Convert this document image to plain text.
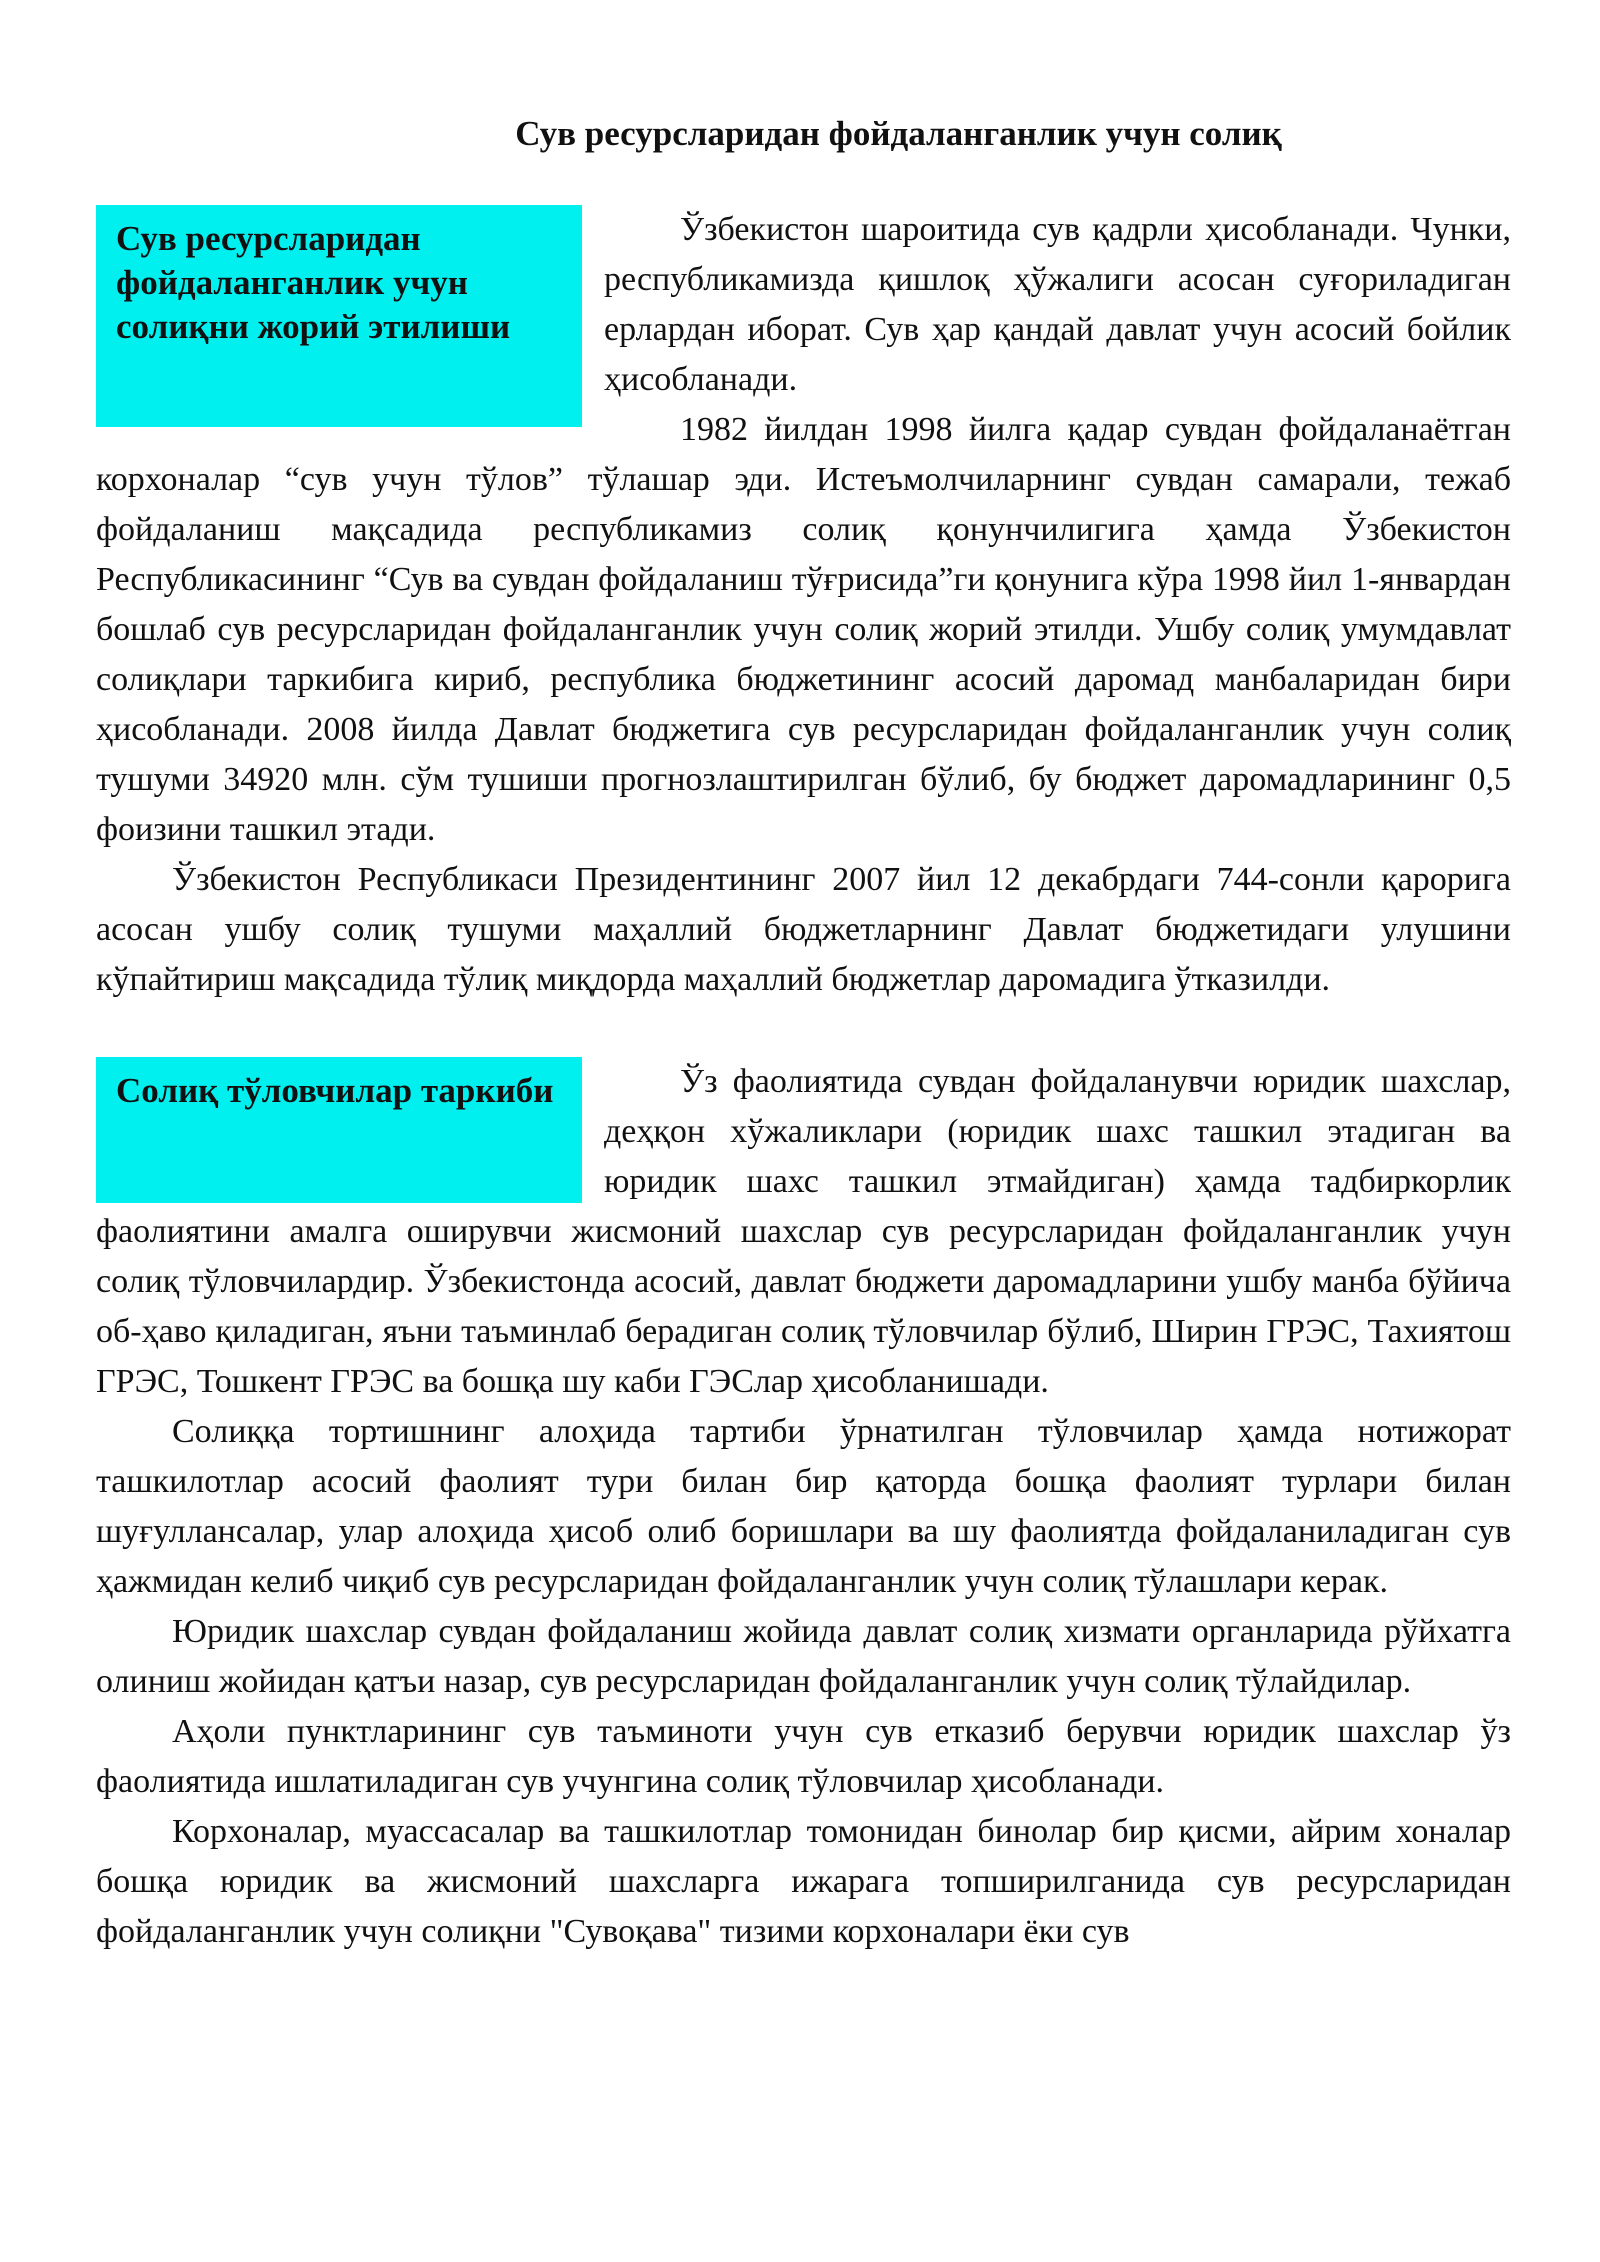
Сув ресурсларидан фойдаланганлик учун солиқ
Сув ресурсларидан фойдаланганлик учун солиқни жорий этилиши

Ўзбекистон шароитида сув қадрли ҳисобланади. Чунки, республикамизда қишлоқ ҳўжалиги асосан суғориладиган ерлардан иборат. Сув ҳар қандай давлат учун асосий бойлик ҳисобланади.

1982 йилдан 1998 йилга қадар сувдан фойдаланаётган корхоналар “сув учун тўлов” тўлашар эди. Истеъмолчиларнинг сувдан самарали, тежаб фойдаланиш мақсадида республикамиз солиқ қонунчилигига ҳамда Ўзбекистон Республикасининг “Сув ва сувдан фойдаланиш тўғрисида”ги қонунига кўра 1998 йил 1-январдан бошлаб сув ресурсларидан фойдаланганлик учун солиқ жорий этилди. Ушбу солиқ умумдавлат солиқлари таркибига кириб, республика бюджетининг асосий даромад манбаларидан бири ҳисобланади. 2008 йилда Давлат бюджетига сув ресурсларидан фойдаланганлик учун солиқ тушуми 34920 млн. сўм тушиши прогнозлаштирилган бўлиб, бу бюджет даромадларининг 0,5 фоизини ташкил этади.

Ўзбекистон Республикаси Президентининг 2007 йил 12 декабрдаги 744-сонли қарорига асосан ушбу солиқ тушуми маҳаллий бюджетларнинг Давлат бюджетидаги улушини кўпайтириш мақсадида тўлиқ миқдорда маҳаллий бюджетлар даромадига ўтказилди.

Солиқ тўловчилар таркиби	Ўз фаолиятида сувдан фойдаланувчи юридик шахслар, деҳқон хўжаликлари (юридик шахс ташкил этадиган ва юридик шахс ташкил этмайдиган) ҳамда тадбиркорлик фаолиятини амалга оширувчи жисмоний шахслар сув ресурсларидан фойдаланганлик учун солиқ тўловчилардир. Ўзбекистонда асосий, давлат бюджети даромадларини ушбу манба бўйича об-ҳаво қиладиган, яъни таъминлаб берадиган солиқ тўловчилар бўлиб, Ширин ГРЭС, Тахиятош ГРЭС, Тошкент ГРЭС ва бошқа шу каби ГЭСлар ҳисобланишади.

Солиққа тортишнинг алоҳида тартиби ўрнатилган тўловчилар ҳамда нотижорат ташкилотлар асосий фаолият тури билан бир қаторда бошқа фаолият турлари билан шуғуллансалар, улар алоҳида ҳисоб олиб боришлари ва шу фаолиятда фойдаланиладиган сув ҳажмидан келиб чиқиб сув ресурсларидан фойдаланганлик учун солиқ тўлашлари керак.

Юридик шахслар сувдан фойдаланиш жойида давлат солиқ хизмати органларида рўйхатга олиниш жойидан қатъи назар, сув ресурсларидан фойдаланганлик учун солиқ тўлайдилар.

Аҳоли пунктларининг сув таъминоти учун сув етказиб берувчи юридик шахслар ўз фаолиятида ишлатиладиган сув учунгина солиқ тўловчилар ҳисобланади.

Корхоналар, муассасалар ва ташкилотлар томонидан бинолар бир қисми, айрим хоналар бошқа юридик ва жисмоний шахсларга ижарага топширилганида сув ресурсларидан фойдаланганлик учун солиқни "Сувоқава" тизими корхоналари ёки сув
